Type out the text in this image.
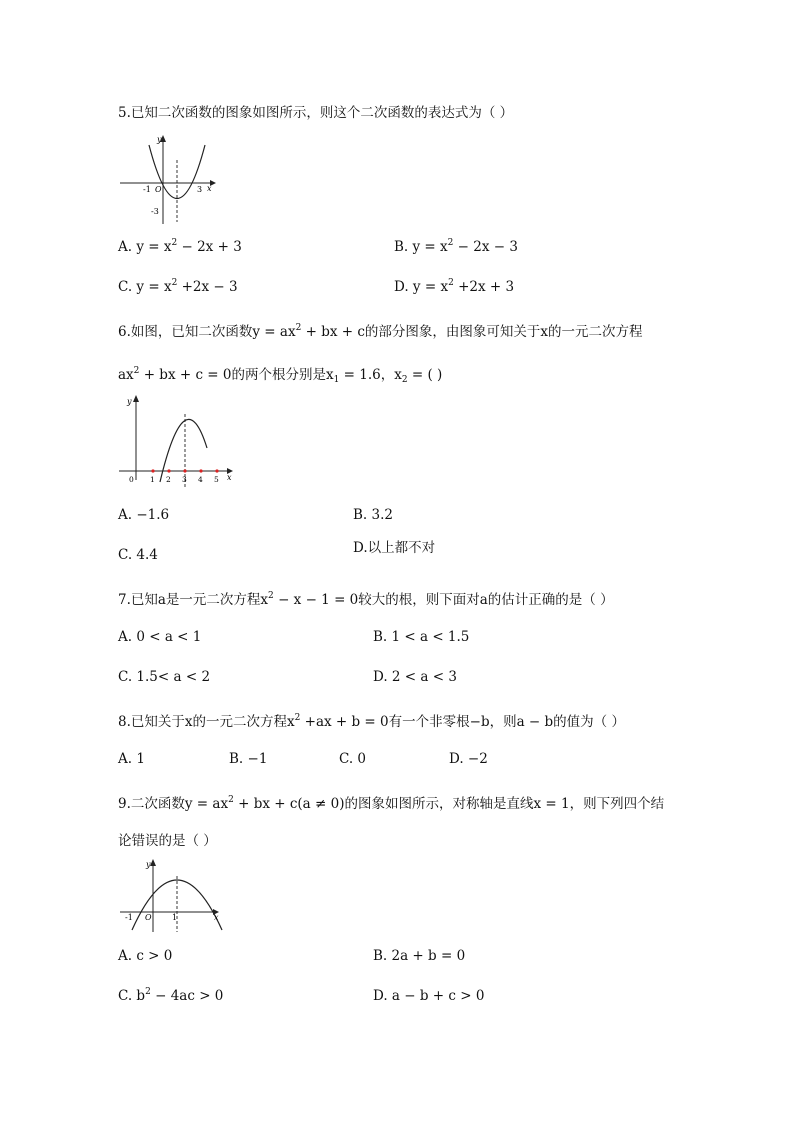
5.已知二次函数的图象如图所示，则这个二次函数的表达式为（ ）
y
x
-1 O	3
-3
A. $y = x^2 - 2x + 3$	B. $y = x^2 - 2x - 3$
C. $y = x^2 +2x - 3$	D. $y = x^2 +2x + 3$
6.如图，已知二次函数$y = ax^2$ + bx + c的部分图象，由图象可知关于x的一元二次方程
$ax^2$ + bx + c = 0的两个根分别是$x_1 = 1.6$，$x_2$ = ( )
y
x
0 1 2 3 4 5
A. −1.6	B. 3.2
C. 4.4	D.以上都不对
7.已知a是一元二次方程$x^2 - x - 1 = 0$较大的根，则下面对a的估计正确的是（ ）
A. 0 < a < 1	B. 1 < a < 1.5
C. 1.5< a < 2	D. 2 < a < 3
8.已知关于x的一元二次方程$x^2 +ax + b = 0$有一个非零根−b，则a − b的值为（ ）
A. 1	B. −1	C. 0	D. −2
9.二次函数$y = ax^2$ + bx + c(a ≠ 0)的图象如图所示，对称轴是直线x = 1，则下列四个结
论错误的是（ ）
y
x
-1 O	1
A. c > 0	B. 2a + b = 0
C. $b^2 - 4ac > 0$	D. a − b + c > 0
